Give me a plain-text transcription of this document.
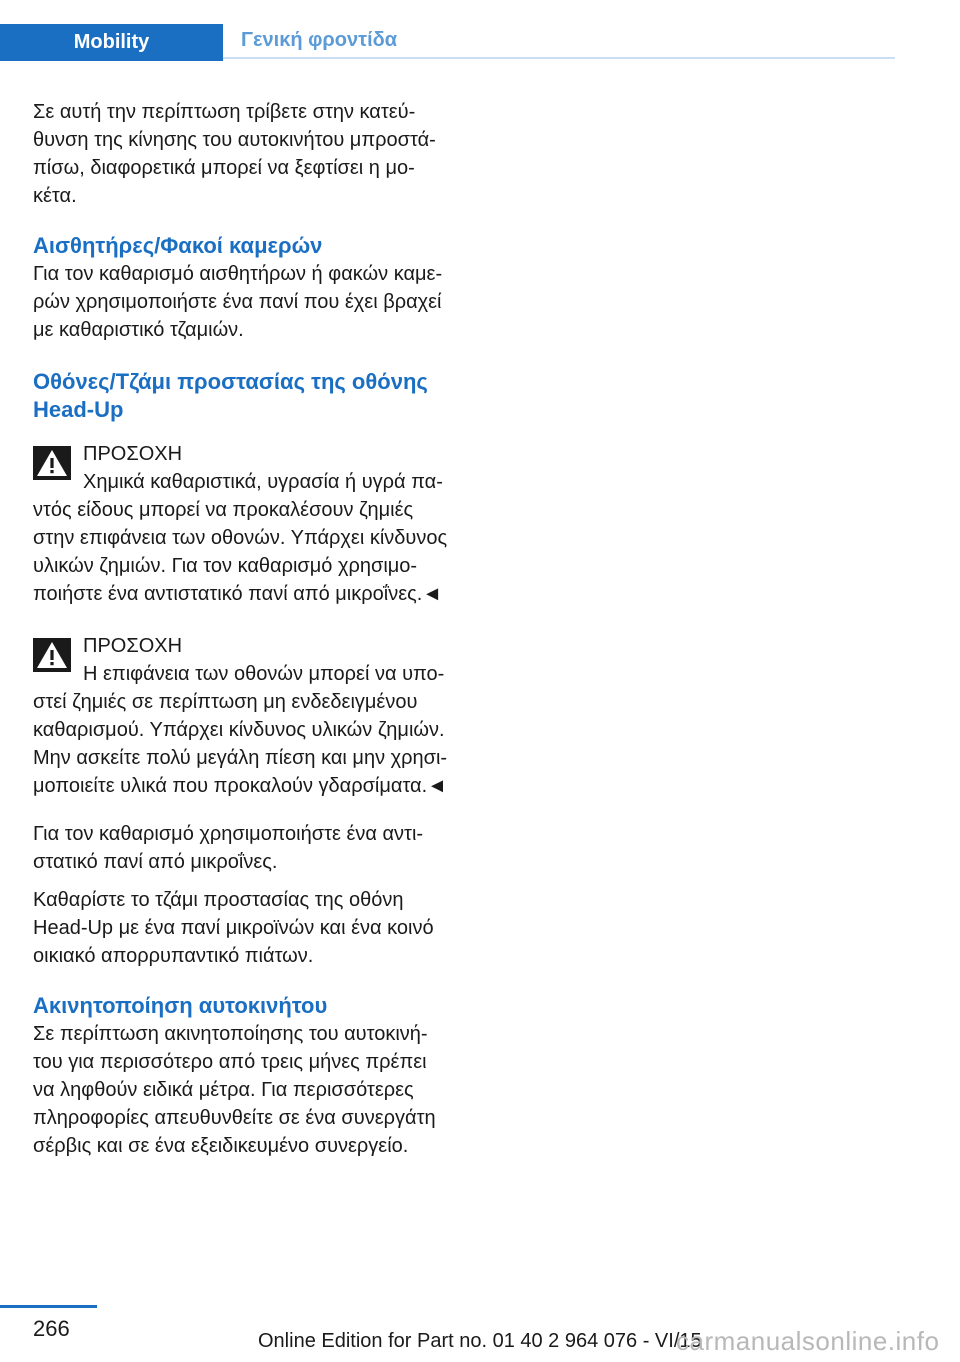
Mobility	Γενική φροντίδα

Σε αυτή την περίπτωση τρίβετε στην κατεύ-
θυνση της κίνησης του αυτοκινήτου μπροστά-
πίσω, διαφορετικά μπορεί να ξεφτίσει η μο-
κέτα.

Αισθητήρες/Φακοί καμερών

Για τον καθαρισμό αισθητήρων ή φακών καμε-
ρών χρησιμοποιήστε ένα πανί που έχει βραχεί
με καθαριστικό τζαμιών.

Οθόνες/Τζάμι προστασίας της οθόνης
Head-Up
ΠΡΟΣΟΧΗ

Χημικά καθαριστικά, υγρασία ή υγρά πα-

ντός είδους μπορεί να προκαλέσουν ζημιές
στην επιφάνεια των οθονών. Υπάρχει κίνδυνος
υλικών ζημιών. Για τον καθαρισμό χρησιμο-
ποιήστε ένα αντιστατικό πανί από μικροΐνες.◄

ΠΡΟΣΟΧΗ

Η επιφάνεια των οθονών μπορεί να υπο-

στεί ζημιές σε περίπτωση μη ενδεδειγμένου
καθαρισμού. Υπάρχει κίνδυνος υλικών ζημιών.
Μην ασκείτε πολύ μεγάλη πίεση και μην χρησι-
μοποιείτε υλικά που προκαλούν γδαρσίματα.◄

Για τον καθαρισμό χρησιμοποιήστε ένα αντι-
στατικό πανί από μικροΐνες.

Καθαρίστε το τζάμι προστασίας της οθόνη
Head-Up με ένα πανί μικροϊνών και ένα κοινό
οικιακό απορρυπαντικό πιάτων.

Ακινητοποίηση αυτοκινήτου

Σε περίπτωση ακινητοποίησης του αυτοκινή-
του για περισσότερο από τρεις μήνες πρέπει
να ληφθούν ειδικά μέτρα. Για περισσότερες
πληροφορίες απευθυνθείτε σε ένα συνεργάτη
σέρβις και σε ένα εξειδικευμένο συνεργείο.

266	Online Edition for Part no. 01 40 2 964 076 - VI/15
carmanualsonline.info
